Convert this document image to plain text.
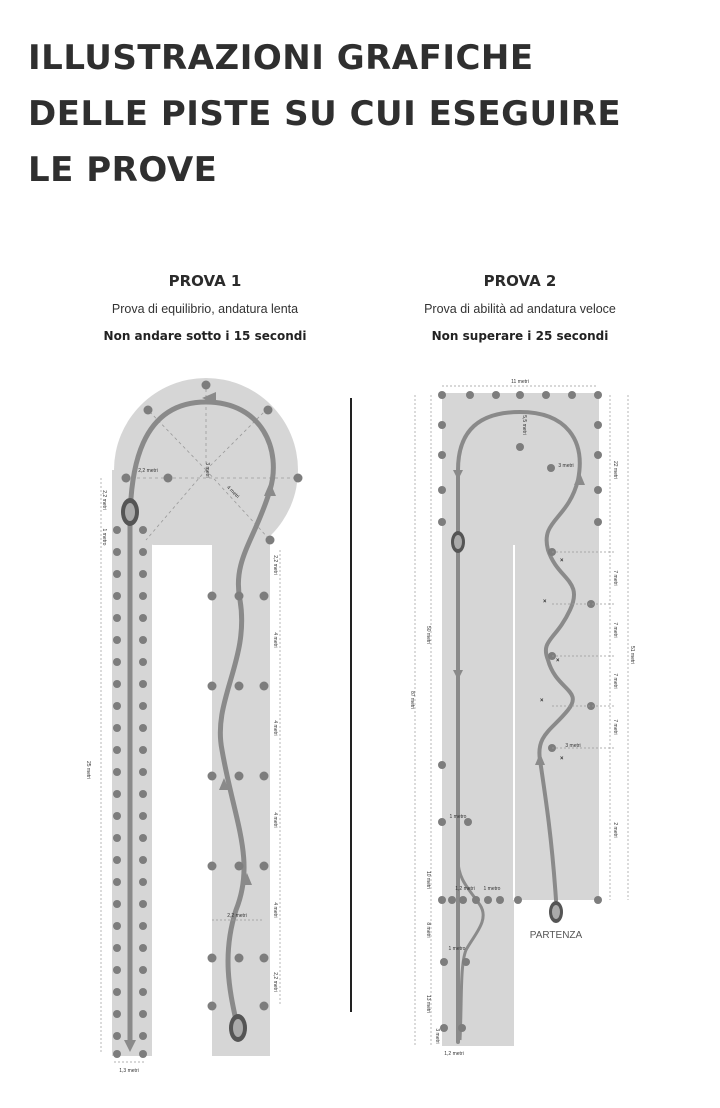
ILLUSTRAZIONI GRAFICHE
DELLE PISTE SU CUI ESEGUIRE
LE PROVE
PROVA 1
Prova di equilibrio, andatura lenta
Non andare sotto i 15 secondi
PROVA 2
Prova di abilità ad andatura veloce
Non superare i 25 secondi
3 metri
4 metri
2,2 metri
2,2 metri
1 metro
25 metri
1,3 metri
2,2 metri
4 metri
4 metri
4 metri
4 metri
2,2 metri
2,2 metri
×
×
×
×
×
11 metri
5,5 metri
3 metri	22 metri
7 metri
7 metri
7 metri
7 metri
51 metri
2 metri
3 metri
50 metri
87 metri
10 metri
8 metri
13 metri
3 metri
1 metro
1 metro
1,2 metri
1 metro
1,2 metri
PARTENZA
